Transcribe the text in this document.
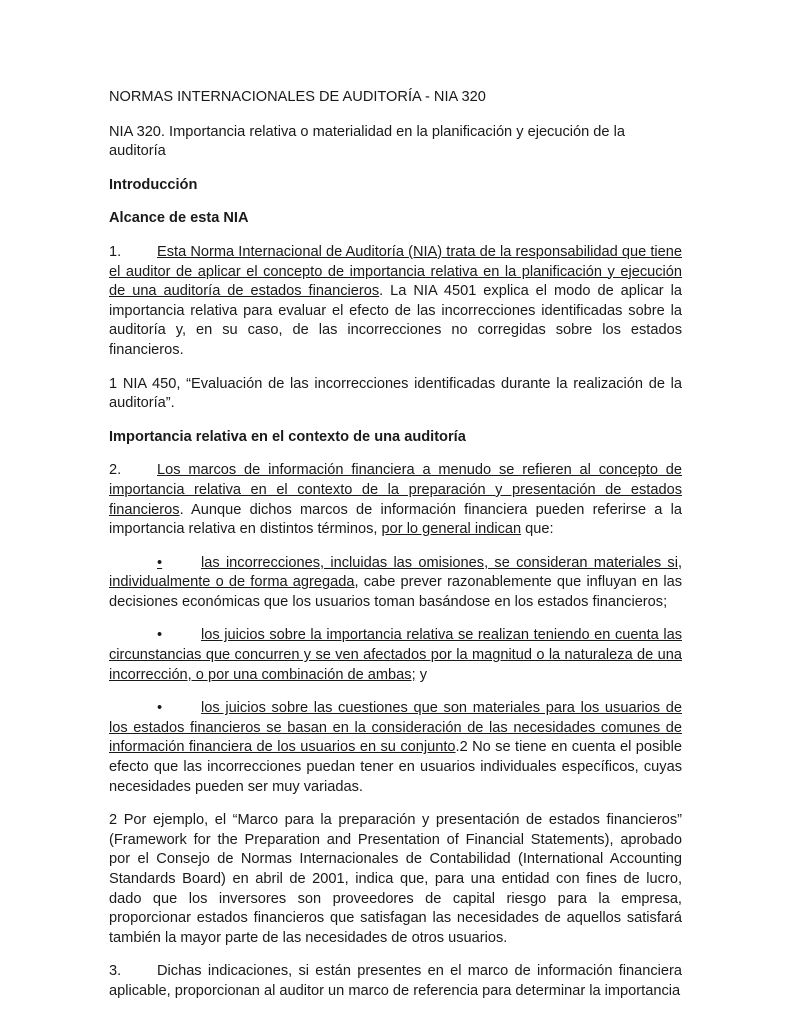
NORMAS INTERNACIONALES DE AUDITORÍA - NIA 320

NIA 320. Importancia relativa o materialidad en la planificación y ejecución de la auditoría

Introducción

Alcance de esta NIA

1. Esta Norma Internacional de Auditoría (NIA) trata de la responsabilidad que tiene el auditor de aplicar el concepto de importancia relativa en la planificación y ejecución de una auditoría de estados financieros. La NIA 4501 explica el modo de aplicar la importancia relativa para evaluar el efecto de las incorrecciones identificadas sobre la auditoría y, en su caso, de las incorrecciones no corregidas sobre los estados financieros.

1 NIA 450, “Evaluación de las incorrecciones identificadas durante la realización de la auditoría”.

Importancia relativa en el contexto de una auditoría

2. Los marcos de información financiera a menudo se refieren al concepto de importancia relativa en el contexto de la preparación y presentación de estados financieros. Aunque dichos marcos de información financiera pueden referirse a la importancia relativa en distintos términos, por lo general indican que:

•	las incorrecciones, incluidas las omisiones, se consideran materiales si, individualmente o de forma agregada, cabe prever razonablemente que influyan en las decisiones económicas que los usuarios toman basándose en los estados financieros;

•	los juicios sobre la importancia relativa se realizan teniendo en cuenta las circunstancias que concurren y se ven afectados por la magnitud o la naturaleza de una incorrección, o por una combinación de ambas; y

•	los juicios sobre las cuestiones que son materiales para los usuarios de los estados financieros se basan en la consideración de las necesidades comunes de información financiera de los usuarios en su conjunto.2 No se tiene en cuenta el posible efecto que las incorrecciones puedan tener en usuarios individuales específicos, cuyas necesidades pueden ser muy variadas.

2 Por ejemplo, el “Marco para la preparación y presentación de estados financieros” (Framework for the Preparation and Presentation of Financial Statements), aprobado por el Consejo de Normas Internacionales de Contabilidad (International Accounting Standards Board) en abril de 2001, indica que, para una entidad con fines de lucro, dado que los inversores son proveedores de capital riesgo para la empresa, proporcionar estados financieros que satisfagan las necesidades de aquellos satisfará también la mayor parte de las necesidades de otros usuarios.

3. Dichas indicaciones, si están presentes en el marco de información financiera aplicable, proporcionan al auditor un marco de referencia para determinar la importancia
